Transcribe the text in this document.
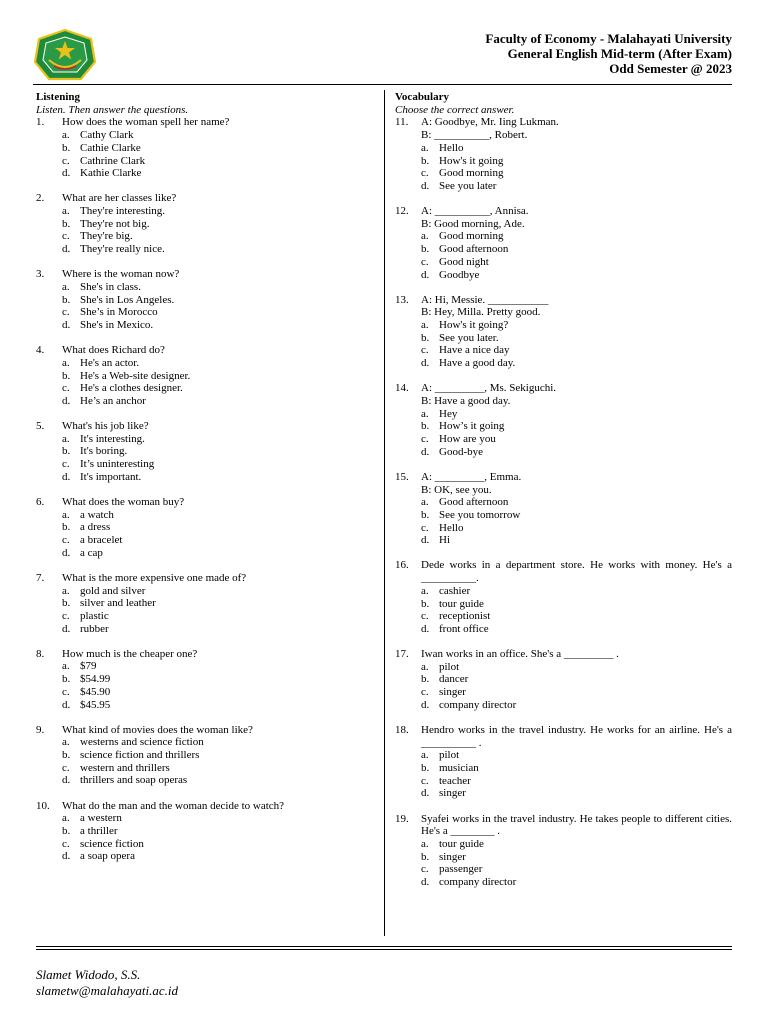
Faculty of Economy - Malahayati University
General English Mid-term (After Exam)
Odd Semester @ 2023
Listening
Listen. Then answer the questions.
1. How does the woman spell her name?
a. Cathy Clark
b. Cathie Clarke
c. Cathrine Clark
d. Kathie Clarke
2. What are her classes like?
a. They're interesting.
b. They're not big.
c. They're big.
d. They're really nice.
3. Where is the woman now?
a. She's in class.
b. She's in Los Angeles.
c. She’s in Morocco
d. She's in Mexico.
4. What does Richard do?
a. He's an actor.
b. He's a Web-site designer.
c. He's a clothes designer.
d. He’s an anchor
5. What's his job like?
a. It's interesting.
b. It's boring.
c. It’s uninteresting
d. It's important.
6. What does the woman buy?
a. a watch
b. a dress
c. a bracelet
d. a cap
7. What is the more expensive one made of?
a. gold and silver
b. silver and leather
c. plastic
d. rubber
8. How much is the cheaper one?
a. $79
b. $54.99
c. $45.90
d. $45.95
9. What kind of movies does the woman like?
a. westerns and science fiction
b. science fiction and thrillers
c. western and thrillers
d. thrillers and soap operas
10. What do the man and the woman decide to watch?
a. a western
b. a thriller
c. science fiction
d. a soap opera
Vocabulary
Choose the correct answer.
11. A: Goodbye, Mr. Iing Lukman.
B: __________, Robert.
a. Hello
b. How's it going
c. Good morning
d. See you later
12. A: __________, Annisa.
B: Good morning, Ade.
a. Good morning
b. Good afternoon
c. Good night
d. Goodbye
13. A: Hi, Messie. ___________
B: Hey, Milla. Pretty good.
a. How's it going?
b. See you later.
c. Have a nice day
d. Have a good day.
14. A: _________, Ms. Sekiguchi.
B: Have a good day.
a. Hey
b. How’s it going
c. How are you
d. Good-bye
15. A: _________, Emma.
B: OK, see you.
a. Good afternoon
b. See you tomorrow
c. Hello
d. Hi
16. Dede works in a department store. He works with money. He's a __________.
a. cashier
b. tour guide
c. receptionist
d. front office
17. Iwan works in an office. She's a _________ .
a. pilot
b. dancer
c. singer
d. company director
18. Hendro works in the travel industry. He works for an airline. He's a __________ .
a. pilot
b. musician
c. teacher
d. singer
19. Syafei works in the travel industry. He takes people to different cities. He's a ________ .
a. tour guide
b. singer
c. passenger
d. company director
Slamet Widodo, S.S.
slametw@malahayati.ac.id
